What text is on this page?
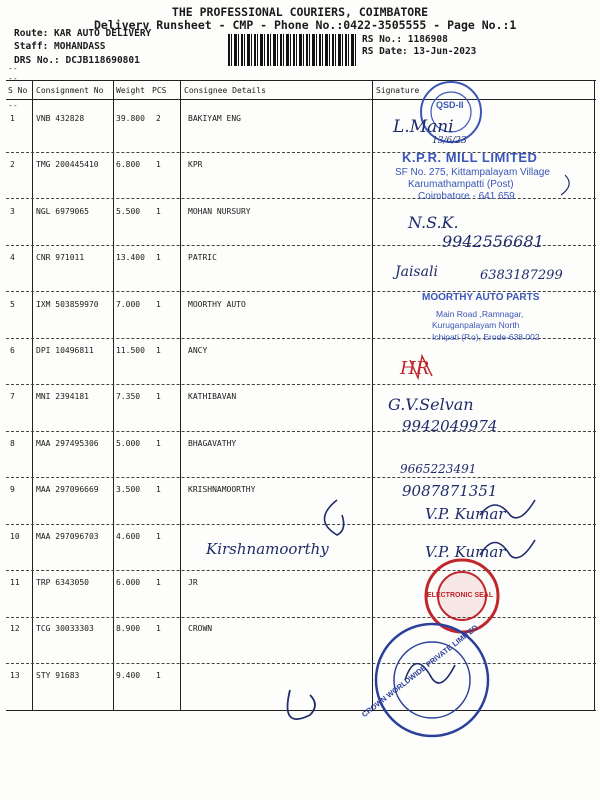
THE PROFESSIONAL COURIERS, COIMBATORE
Deliverv Runsheet - CMP - Phone No.:0422-3505555 - Page No.:1
Route: KAR AUTO DELIVERY
Staff: MOHANDASS
DRS No.: DCJB118690801
RS No.: 1186908
RS Date: 13-Jun-2023
--
--
S No Consignment No Weight PCS Consignee Details	Signature
--
1	VNB 432828	39.800 2	BAKIYAM ENG
2	TMG 200445410 6.800 1	KPR
3	NGL 6979065	5.500 1	MOHAN NURSURY
4	CNR 971011	13.400 1	PATRIC
5	IXM 503859970 7.000 1	MOORTHY AUTO
6	DPI 10496811	11.500 1	ANCY
7	MNI 2394181	7.350 1	KATHIBAVAN
8	MAA 297495306 5.000 1	BHAGAVATHY
9	MAA 297096669 3.500 1	KRISHNAMOORTHY
10 MAA 297096703 4.600 1
11 TRP 6343050	6.000 1	JR
12 TCG 30033303	8.900 1	CROWN
13 STY 91683	9.400 1
QSD-II
K.P.R. MILL LIMITED
SF No. 275, Kittampalayam Village
Karumathampatti (Post)
Coimbatore - 641 659
MOORTHY AUTO PARTS
Main Road ,Ramnagar,
Kuruganpalayam North
Ichipati (P.o), Erode-638 002
ELECTRONIC SEAL
CROWN WORLDWIDE PRIVATE LIMITED
L.Mani
13/6/23
N.S.K.
9942556681
Jaisali	6383187299
HR
G.V.Selvan
9942049974
9665223491
9087871351
V.P. Kumar
Kirshnamoorthy	V.P. Kumar
